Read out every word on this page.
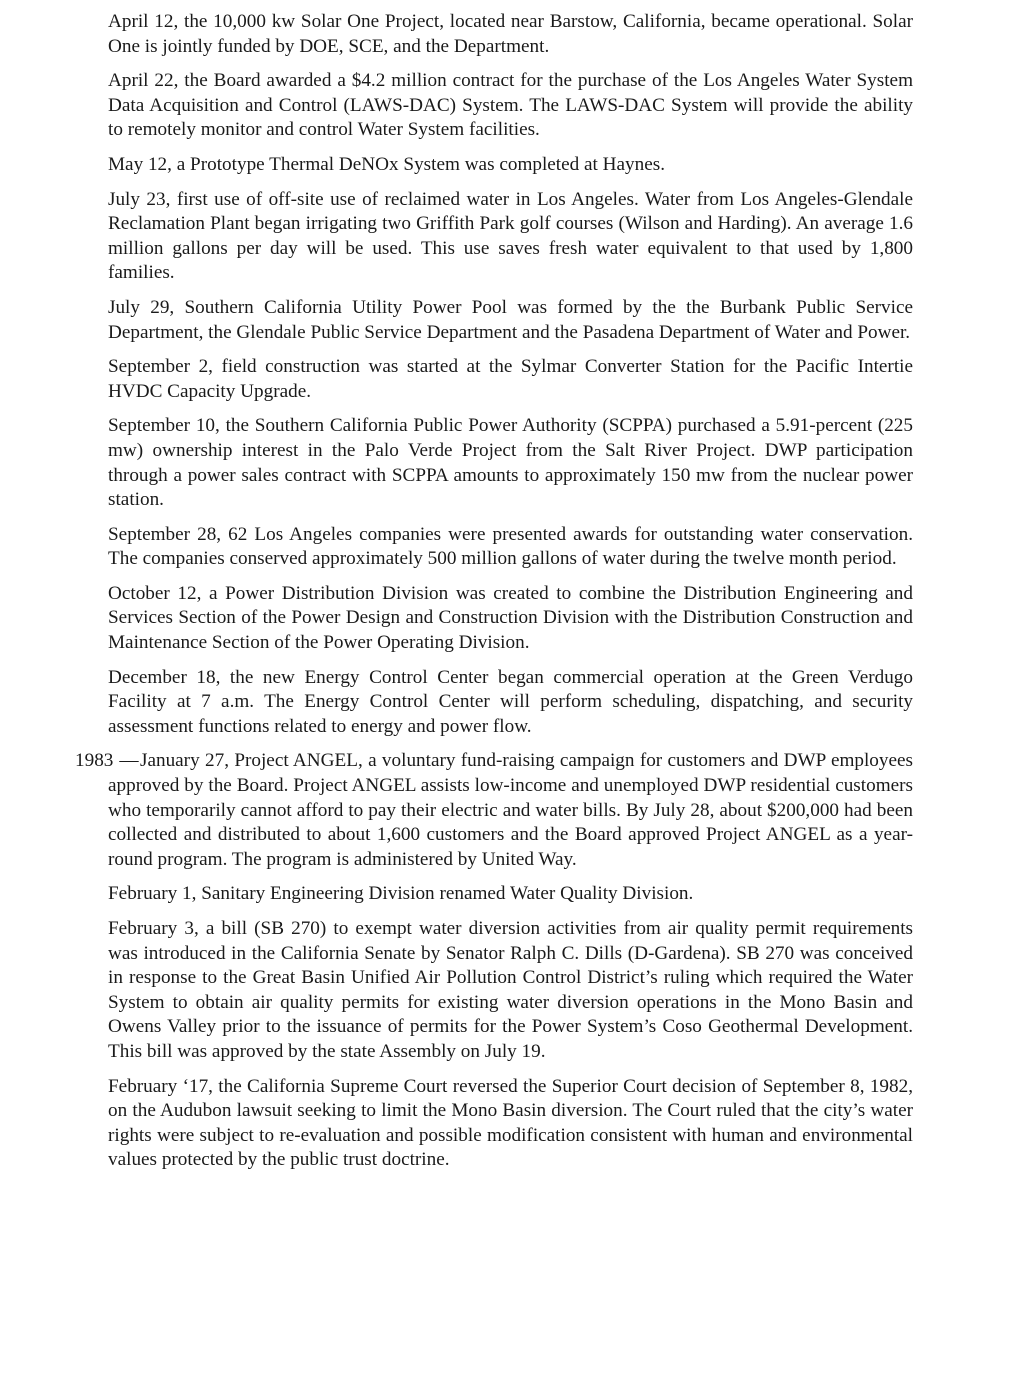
April 12, the 10,000 kw Solar One Project, located near Barstow, California, became operational. Solar One is jointly funded by DOE, SCE, and the Department.

April 22, the Board awarded a $4.2 million contract for the purchase of the Los Angeles Water System Data Acquisition and Control (LAWS-DAC) System. The LAWS-DAC System will provide the ability to remotely monitor and control Water System facilities.

May 12, a Prototype Thermal DeNOx System was completed at Haynes.

July 23, first use of off-site use of reclaimed water in Los Angeles. Water from Los Angeles-Glendale Reclamation Plant began irrigating two Griffith Park golf courses (Wilson and Harding). An average 1.6 million gallons per day will be used. This use saves fresh water equivalent to that used by 1,800 families.

July 29, Southern California Utility Power Pool was formed by the the Burbank Public Service Department, the Glendale Public Service Department and the Pasadena Department of Water and Power.

September 2, field construction was started at the Sylmar Converter Station for the Pacific Intertie HVDC Capacity Upgrade.

September 10, the Southern California Public Power Authority (SCPPA) purchased a 5.91-percent (225 mw) ownership interest in the Palo Verde Project from the Salt River Project. DWP participation through a power sales contract with SCPPA amounts to approximately 150 mw from the nuclear power station.

September 28, 62 Los Angeles companies were presented awards for outstanding water conservation. The companies conserved approximately 500 million gallons of water during the twelve month period.

October 12, a Power Distribution Division was created to combine the Distribution Engineering and Services Section of the Power Design and Construction Division with the Distribution Construction and Maintenance Section of the Power Operating Division.

December 18, the new Energy Control Center began commercial operation at the Green Verdugo Facility at 7 a.m. The Energy Control Center will perform scheduling, dispatching, and security assessment functions related to energy and power flow.

1983 — January 27, Project ANGEL, a voluntary fund-raising campaign for customers and DWP employees approved by the Board. Project ANGEL assists low-income and unemployed DWP residential customers who temporarily cannot afford to pay their electric and water bills. By July 28, about $200,000 had been collected and distributed to about 1,600 customers and the Board approved Project ANGEL as a year-round program. The program is administered by United Way.

February 1, Sanitary Engineering Division renamed Water Quality Division.

February 3, a bill (SB 270) to exempt water diversion activities from air quality permit requirements was introduced in the California Senate by Senator Ralph C. Dills (D-Gardena). SB 270 was conceived in response to the Great Basin Unified Air Pollution Control District’s ruling which required the Water System to obtain air quality permits for existing water diversion operations in the Mono Basin and Owens Valley prior to the issuance of permits for the Power System’s Coso Geothermal Development. This bill was approved by the state Assembly on July 19.

February ‘17, the California Supreme Court reversed the Superior Court decision of September 8, 1982, on the Audubon lawsuit seeking to limit the Mono Basin diversion. The Court ruled that the city’s water rights were subject to re-evaluation and possible modification consistent with human and environmental values protected by the public trust doctrine.
